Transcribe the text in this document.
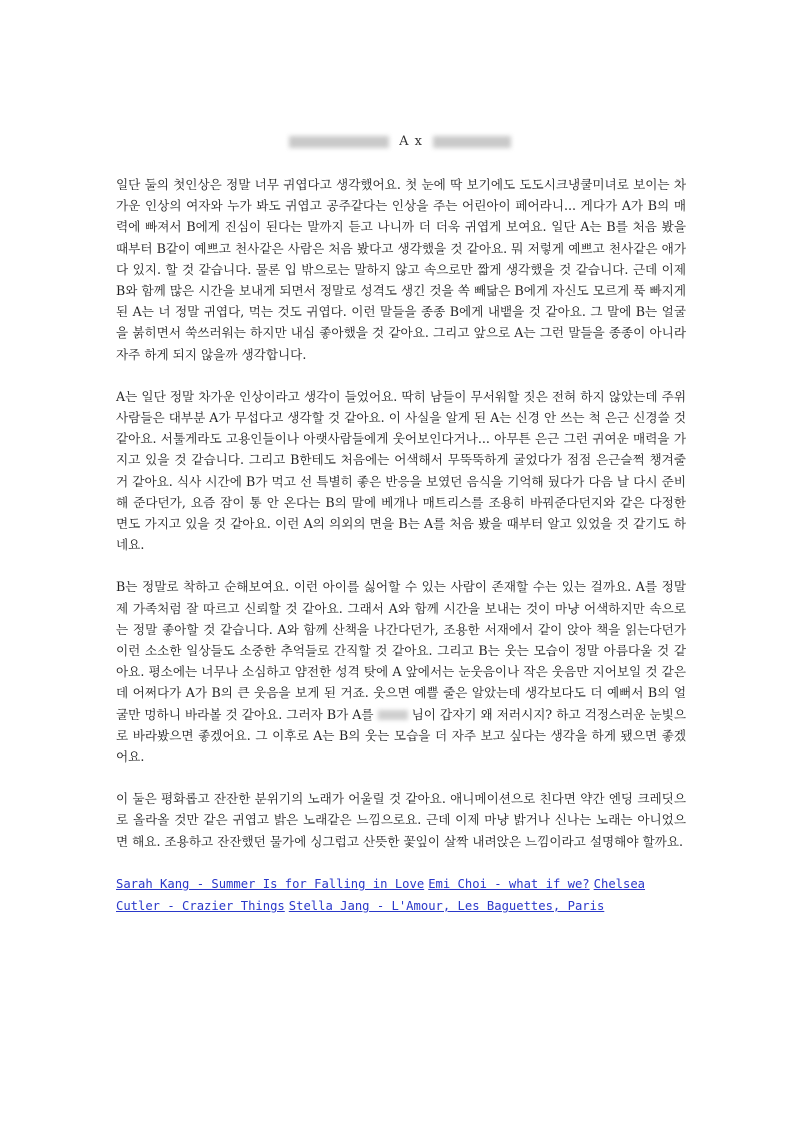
A x

일단 둘의 첫인상은 정말 너무 귀엽다고 생각했어요. 첫 눈에 딱 보기에도 도도시크냉쿨미녀로 보이는 차가운 인상의 여자와 누가 봐도 귀엽고 공주같다는 인상을 주는 어린아이 페어라니... 게다가 A가 B의 매력에 빠져서 B에게 진심이 된다는 말까지 듣고 나니까 더 더욱 귀엽게 보여요. 일단 A는 B를 처음 봤을 때부터 B같이 예쁘고 천사같은 사람은 처음 봤다고 생각했을 것 같아요. 뭐 저렇게 예쁘고 천사같은 애가 다 있지. 할 것 같습니다. 물론 입 밖으로는 말하지 않고 속으로만 짧게 생각했을 것 같습니다. 근데 이제 B와 함께 많은 시간을 보내게 되면서 정말로 성격도 생긴 것을 쏙 빼닮은 B에게 자신도 모르게 푹 빠지게 된 A는 너 정말 귀엽다, 먹는 것도 귀엽다. 이런 말들을 종종 B에게 내뱉을 것 같아요. 그 말에 B는 얼굴을 붉히면서 쑥쓰러워는 하지만 내심 좋아했을 것 같아요. 그리고 앞으로 A는 그런 말들을 종종이 아니라 자주 하게 되지 않을까 생각합니다.

A는 일단 정말 차가운 인상이라고 생각이 들었어요. 딱히 남들이 무서워할 짓은 전혀 하지 않았는데 주위 사람들은 대부분 A가 무섭다고 생각할 것 같아요. 이 사실을 알게 된 A는 신경 안 쓰는 척 은근 신경쓸 것 같아요. 서툴게라도 고용인들이나 아랫사람들에게 웃어보인다거나... 아무튼 은근 그런 귀여운 매력을 가지고 있을 것 같습니다. 그리고 B한테도 처음에는 어색해서 무뚝뚝하게 굴었다가 점점 은근슬쩍 챙겨줄 거 같아요. 식사 시간에 B가 먹고 선 특별히 좋은 반응을 보였던 음식을 기억해 뒀다가 다음 날 다시 준비해 준다던가, 요즘 잠이 통 안 온다는 B의 말에 베개나 매트리스를 조용히 바꿔준다던지와 같은 다정한 면도 가지고 있을 것 같아요. 이런 A의 의외의 면을 B는 A를 처음 봤을 때부터 알고 있었을 것 같기도 하네요.

B는 정말로 착하고 순해보여요. 이런 아이를 싫어할 수 있는 사람이 존재할 수는 있는 걸까요. A를 정말 제 가족처럼 잘 따르고 신뢰할 것 같아요. 그래서 A와 함께 시간을 보내는 것이 마냥 어색하지만 속으로는 정말 좋아할 것 같습니다. A와 함께 산책을 나간다던가, 조용한 서재에서 같이 앉아 책을 읽는다던가 이런 소소한 일상들도 소중한 추억들로 간직할 것 같아요. 그리고 B는 웃는 모습이 정말 아름다울 것 같아요. 평소에는 너무나 소심하고 얌전한 성격 탓에 A 앞에서는 눈웃음이나 작은 웃음만 지어보일 것 같은데 어쩌다가 A가 B의 큰 웃음을 보게 된 거죠. 웃으면 예쁠 줄은 알았는데 생각보다도 더 예뻐서 B의 얼굴만 멍하니 바라볼 것 같아요. 그러자 B가 A를	님이 갑자기 왜 저러시지? 하고 걱정스러운 눈빛으로 바라봤으면 좋겠어요. 그 이후로 A는 B의 웃는 모습을 더 자주 보고 싶다는 생각을 하게 됐으면 좋겠어요.

이 둘은 평화롭고 잔잔한 분위기의 노래가 어울릴 것 같아요. 애니메이션으로 친다면 약간 엔딩 크레딧으로 올라올 것만 같은 귀엽고 밝은 노래같은 느낌으로요. 근데 이제 마냥 밝거나 신나는 노래는 아니었으면 해요. 조용하고 잔잔했던 물가에 싱그럽고 산뜻한 꽃잎이 살짝 내려앉은 느낌이라고 설명해야 할까요.

Sarah Kang - Summer Is for Falling in Love Emi Choi - what if we? Chelsea Cutler - Crazier Things Stella Jang - L'Amour, Les Baguettes, Paris
